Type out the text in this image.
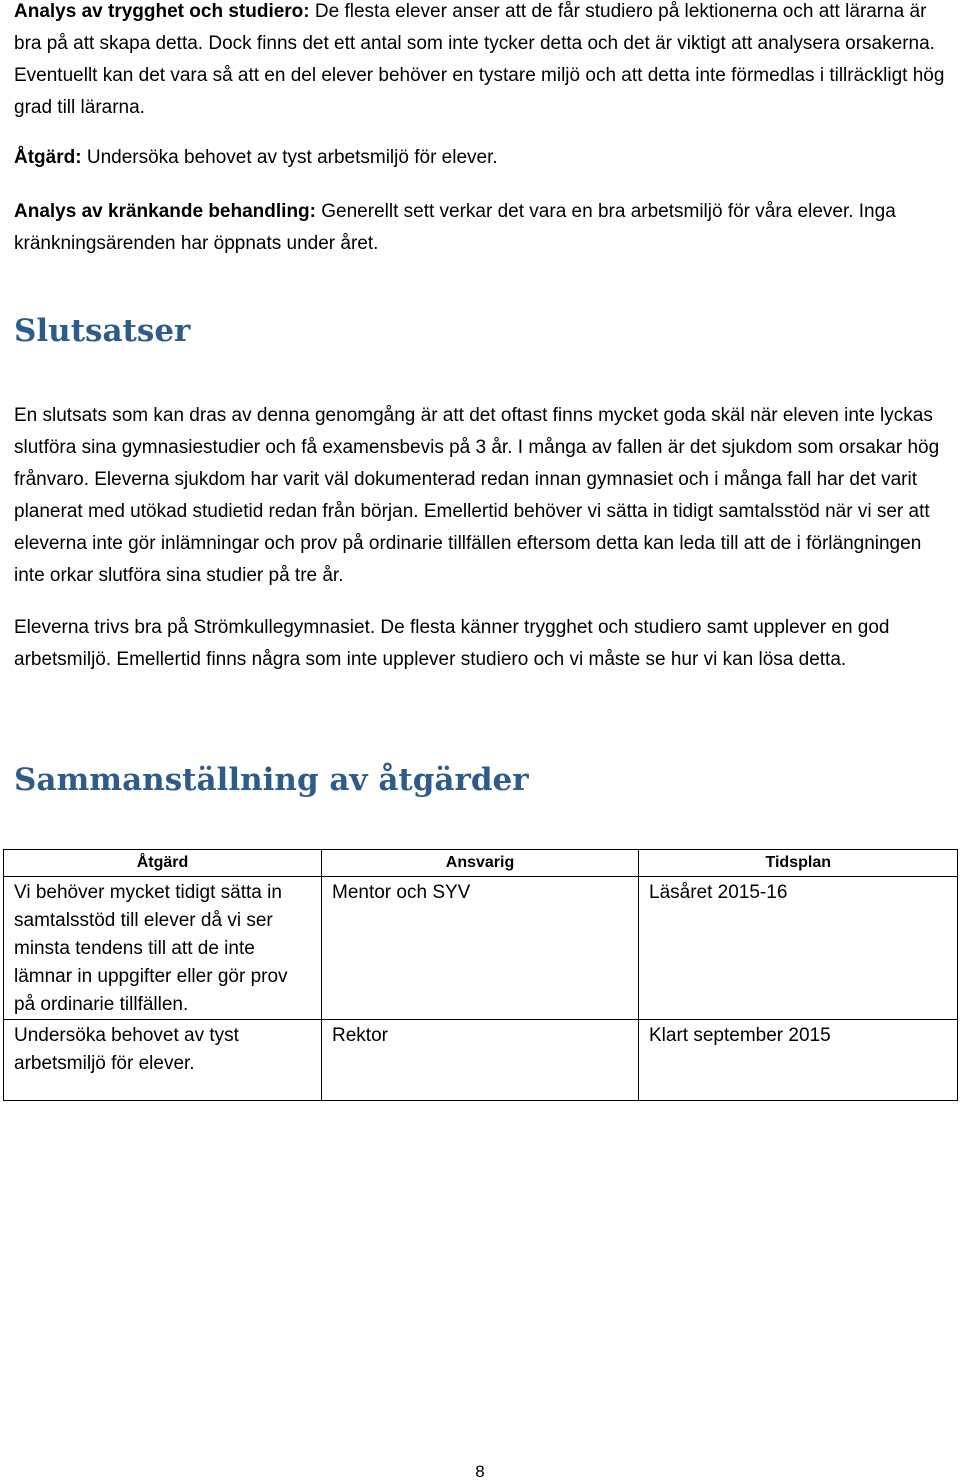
Analys av trygghet och studiero: De flesta elever anser att de får studiero på lektionerna och att lärarna är bra på att skapa detta. Dock finns det ett antal som inte tycker detta och det är viktigt att analysera orsakerna. Eventuellt kan det vara så att en del elever behöver en tystare miljö och att detta inte förmedlas i tillräckligt hög grad till lärarna.

Åtgärd: Undersöka behovet av tyst arbetsmiljö för elever.

Analys av kränkande behandling: Generellt sett verkar det vara en bra arbetsmiljö för våra elever. Inga kränkningsärenden har öppnats under året.

Slutsatser

En slutsats som kan dras av denna genomgång är att det oftast finns mycket goda skäl när eleven inte lyckas slutföra sina gymnasiestudier och få examensbevis på 3 år. I många av fallen är det sjukdom som orsakar hög frånvaro. Eleverna sjukdom har varit väl dokumenterad redan innan gymnasiet och i många fall har det varit planerat med utökad studietid redan från början. Emellertid behöver vi sätta in tidigt samtalsstöd när vi ser att eleverna inte gör inlämningar och prov på ordinarie tillfällen eftersom detta kan leda till att de i förlängningen inte orkar slutföra sina studier på tre år.

Eleverna trivs bra på Strömkullegymnasiet. De flesta känner trygghet och studiero samt upplever en god arbetsmiljö. Emellertid finns några som inte upplever studiero och vi måste se hur vi kan lösa detta.

Sammanställning av åtgärder
Åtgärd	Ansvarig	Tidsplan
Vi behöver mycket tidigt sätta in samtalsstöd till elever då vi ser minsta tendens till att de inte lämnar in uppgifter eller gör prov på ordinarie tillfällen.	Mentor och SYV	Läsåret 2015-16
Undersöka behovet av tyst arbetsmiljö för elever.	Rektor	Klart september 2015
8
